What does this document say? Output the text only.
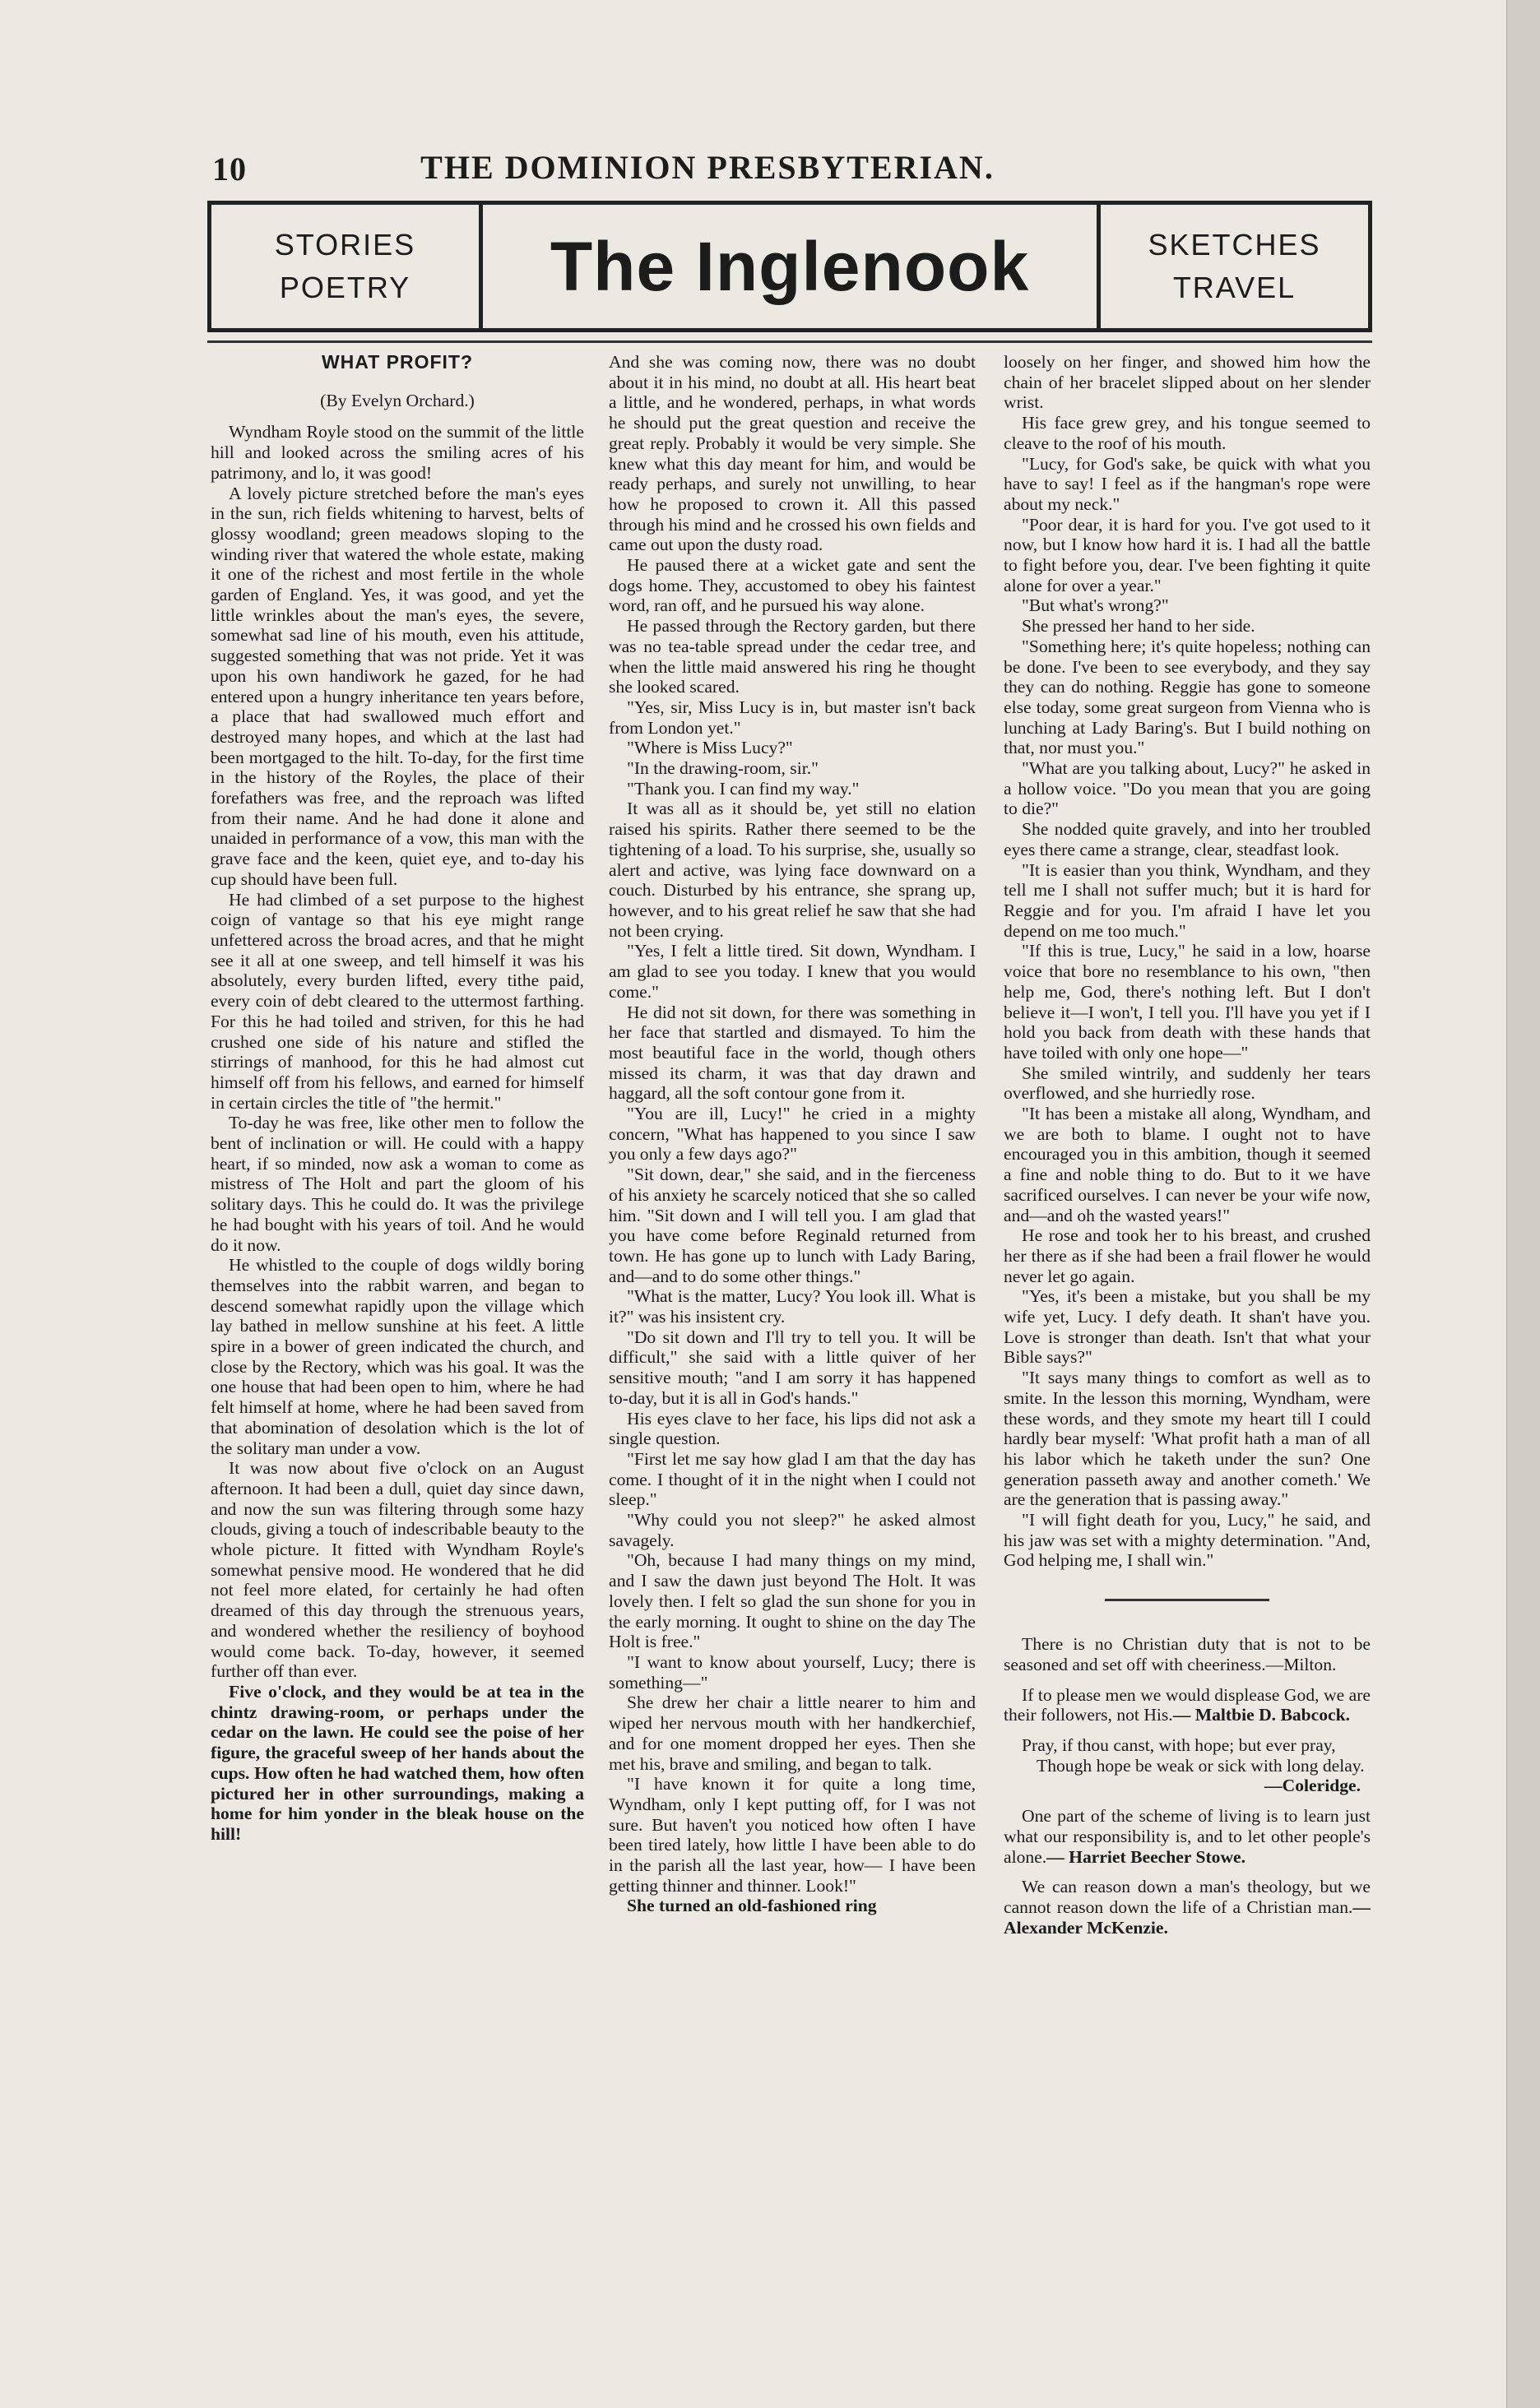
10	THE DOMINION PRESBYTERIAN.
STORIES
POETRY	The Inglenook	SKETCHES
TRAVEL
WHAT PROFIT?
(By Evelyn Orchard.)

Wyndham Royle stood on the summit of the little hill and looked across the smiling acres of his patrimony, and lo, it was good!

A lovely picture stretched before the man's eyes in the sun, rich fields whitening to harvest, belts of glossy woodland; green meadows sloping to the winding river that watered the whole estate, making it one of the richest and most fertile in the whole garden of England. Yes, it was good, and yet the little wrinkles about the man's eyes, the severe, somewhat sad line of his mouth, even his attitude, suggested something that was not pride. Yet it was upon his own handiwork he gazed, for he had entered upon a hungry inheritance ten years before, a place that had swallowed much effort and destroyed many hopes, and which at the last had been mortgaged to the hilt. To-day, for the first time in the history of the Royles, the place of their forefathers was free, and the reproach was lifted from their name. And he had done it alone and unaided in performance of a vow, this man with the grave face and the keen, quiet eye, and to-day his cup should have been full.

He had climbed of a set purpose to the highest coign of vantage so that his eye might range unfettered across the broad acres, and that he might see it all at one sweep, and tell himself it was his absolutely, every burden lifted, every tithe paid, every coin of debt cleared to the uttermost farthing. For this he had toiled and striven, for this he had crushed one side of his nature and stifled the stirrings of manhood, for this he had almost cut himself off from his fellows, and earned for himself in certain circles the title of "the hermit."

To-day he was free, like other men to follow the bent of inclination or will. He could with a happy heart, if so minded, now ask a woman to come as mistress of The Holt and part the gloom of his solitary days. This he could do. It was the privilege he had bought with his years of toil. And he would do it now.

He whistled to the couple of dogs wildly boring themselves into the rabbit warren, and began to descend somewhat rapidly upon the village which lay bathed in mellow sunshine at his feet. A little spire in a bower of green indicated the church, and close by the Rectory, which was his goal. It was the one house that had been open to him, where he had felt himself at home, where he had been saved from that abomination of desolation which is the lot of the solitary man under a vow.

It was now about five o'clock on an August afternoon. It had been a dull, quiet day since dawn, and now the sun was filtering through some hazy clouds, giving a touch of indescribable beauty to the whole picture. It fitted with Wyndham Royle's somewhat pensive mood. He wondered that he did not feel more elated, for certainly he had often dreamed of this day through the strenuous years, and wondered whether the resiliency of boyhood would come back. To-day, however, it seemed further off than ever.

Five o'clock, and they would be at tea in the chintz drawing-room, or perhaps under the cedar on the lawn. He could see the poise of her figure, the graceful sweep of her hands about the cups. How often he had watched them, how often pictured her in other surroundings, making a home for him yonder in the bleak house on the hill!

And she was coming now, there was no doubt about it in his mind, no doubt at all. His heart beat a little, and he wondered, perhaps, in what words he should put the great question and receive the great reply. Probably it would be very simple. She knew what this day meant for him, and would be ready perhaps, and surely not unwilling, to hear how he proposed to crown it. All this passed through his mind and he crossed his own fields and came out upon the dusty road.

He paused there at a wicket gate and sent the dogs home. They, accustomed to obey his faintest word, ran off, and he pursued his way alone.

He passed through the Rectory garden, but there was no tea-table spread under the cedar tree, and when the little maid answered his ring he thought she looked scared.

"Yes, sir, Miss Lucy is in, but master isn't back from London yet."

"Where is Miss Lucy?"

"In the drawing-room, sir."

"Thank you. I can find my way."

It was all as it should be, yet still no elation raised his spirits. Rather there seemed to be the tightening of a load. To his surprise, she, usually so alert and active, was lying face downward on a couch. Disturbed by his entrance, she sprang up, however, and to his great relief he saw that she had not been crying.

"Yes, I felt a little tired. Sit down, Wyndham. I am glad to see you today. I knew that you would come."

He did not sit down, for there was something in her face that startled and dismayed. To him the most beautiful face in the world, though others missed its charm, it was that day drawn and haggard, all the soft contour gone from it.

"You are ill, Lucy!" he cried in a mighty concern, "What has happened to you since I saw you only a few days ago?"

"Sit down, dear," she said, and in the fierceness of his anxiety he scarcely noticed that she so called him. "Sit down and I will tell you. I am glad that you have come before Reginald returned from town. He has gone up to lunch with Lady Baring, and—and to do some other things."

"What is the matter, Lucy? You look ill. What is it?" was his insistent cry.

"Do sit down and I'll try to tell you. It will be difficult," she said with a little quiver of her sensitive mouth; "and I am sorry it has happened to-day, but it is all in God's hands."

His eyes clave to her face, his lips did not ask a single question.

"First let me say how glad I am that the day has come. I thought of it in the night when I could not sleep."

"Why could you not sleep?" he asked almost savagely.

"Oh, because I had many things on my mind, and I saw the dawn just beyond The Holt. It was lovely then. I felt so glad the sun shone for you in the early morning. It ought to shine on the day The Holt is free."

"I want to know about yourself, Lucy; there is something—"

She drew her chair a little nearer to him and wiped her nervous mouth with her handkerchief, and for one moment dropped her eyes. Then she met his, brave and smiling, and began to talk.

"I have known it for quite a long time, Wyndham, only I kept putting off, for I was not sure. But haven't you noticed how often I have been tired lately, how little I have been able to do in the parish all the last year, how— I have been getting thinner and thinner. Look!"

She turned an old-fashioned ring

loosely on her finger, and showed him how the chain of her bracelet slipped about on her slender wrist.

His face grew grey, and his tongue seemed to cleave to the roof of his mouth.

"Lucy, for God's sake, be quick with what you have to say! I feel as if the hangman's rope were about my neck."

"Poor dear, it is hard for you. I've got used to it now, but I know how hard it is. I had all the battle to fight before you, dear. I've been fighting it quite alone for over a year."

"But what's wrong?"

She pressed her hand to her side.

"Something here; it's quite hopeless; nothing can be done. I've been to see everybody, and they say they can do nothing. Reggie has gone to someone else today, some great surgeon from Vienna who is lunching at Lady Baring's. But I build nothing on that, nor must you."

"What are you talking about, Lucy?" he asked in a hollow voice. "Do you mean that you are going to die?"

She nodded quite gravely, and into her troubled eyes there came a strange, clear, steadfast look.

"It is easier than you think, Wyndham, and they tell me I shall not suffer much; but it is hard for Reggie and for you. I'm afraid I have let you depend on me too much."

"If this is true, Lucy," he said in a low, hoarse voice that bore no resemblance to his own, "then help me, God, there's nothing left. But I don't believe it—I won't, I tell you. I'll have you yet if I hold you back from death with these hands that have toiled with only one hope—"

She smiled wintrily, and suddenly her tears overflowed, and she hurriedly rose.

"It has been a mistake all along, Wyndham, and we are both to blame. I ought not to have encouraged you in this ambition, though it seemed a fine and noble thing to do. But to it we have sacrificed ourselves. I can never be your wife now, and—and oh the wasted years!"

He rose and took her to his breast, and crushed her there as if she had been a frail flower he would never let go again.

"Yes, it's been a mistake, but you shall be my wife yet, Lucy. I defy death. It shan't have you. Love is stronger than death. Isn't that what your Bible says?"

"It says many things to comfort as well as to smite. In the lesson this morning, Wyndham, were these words, and they smote my heart till I could hardly bear myself: 'What profit hath a man of all his labor which he taketh under the sun? One generation passeth away and another cometh.' We are the generation that is passing away."

"I will fight death for you, Lucy," he said, and his jaw was set with a mighty determination. "And, God helping me, I shall win."

There is no Christian duty that is not to be seasoned and set off with cheeriness.—Milton.

If to please men we would displease God, we are their followers, not His.— Maltbie D. Babcock.

Pray, if thou canst, with hope; but ever pray,

Though hope be weak or sick with long delay.

—Coleridge.

One part of the scheme of living is to learn just what our responsibility is, and to let other people's alone.— Harriet Beecher Stowe.

We can reason down a man's theology, but we cannot reason down the life of a Christian man.—Alexander McKenzie.
